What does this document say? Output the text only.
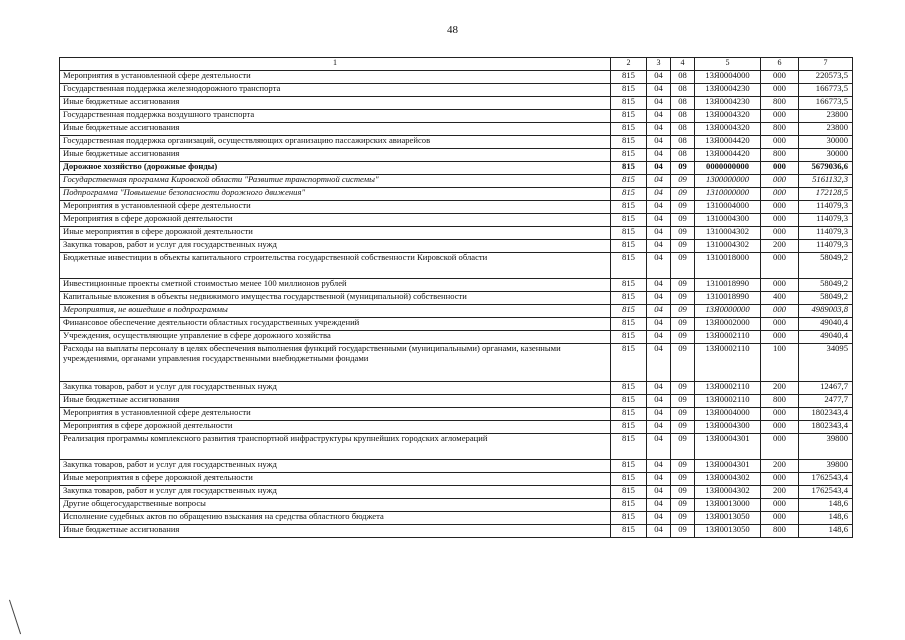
48
1	2	3	4	5	6	7
Мероприятия в установленной сфере деятельности	815	04	08	13Я0004000	000	220573,5
Государственная поддержка железнодорожного транспорта	815	04	08	13Я0004230	000	166773,5
Иные бюджетные ассигнования	815	04	08	13Я0004230	800	166773,5
Государственная поддержка воздушного транспорта	815	04	08	13Я0004320	000	23800
Иные бюджетные ассигнования	815	04	08	13Я0004320	800	23800
Государственная поддержка организаций, осуществляющих организацию пассажирских авиарейсов	815	04	08	13Я0004420	000	30000
Иные бюджетные ассигнования	815	04	08	13Я0004420	800	30000
Дорожное хозяйство (дорожные фонды)	815	04	09	0000000000	000	5679036,6
Государственная программа Кировской области "Развитие транспортной системы"	815	04	09	1300000000	000	5161132,3
Подпрограмма "Повышение безопасности дорожного движения"	815	04	09	1310000000	000	172128,5
Мероприятия в установленной сфере деятельности	815	04	09	1310004000	000	114079,3
Мероприятия в сфере дорожной деятельности	815	04	09	1310004300	000	114079,3
Иные мероприятия в сфере дорожной деятельности	815	04	09	1310004302	000	114079,3
Закупка товаров, работ и услуг для государственных нужд	815	04	09	1310004302	200	114079,3
Бюджетные инвестиции в объекты капитального строительства государственной собственности Кировской области	815	04	09	1310018000	000	58049,2
Инвестиционные проекты сметной стоимостью менее 100 миллионов рублей	815	04	09	1310018990	000	58049,2
Капитальные вложения в объекты недвижимого имущества государственной (муниципальной) собственности	815	04	09	1310018990	400	58049,2
Мероприятия, не вошедшие в подпрограммы	815	04	09	13Я0000000	000	4989003,8
Финансовое обеспечение деятельности областных государственных учреждений	815	04	09	13Я0002000	000	49040,4
Учреждения, осуществляющие управление в сфере дорожного хозяйства	815	04	09	13Я0002110	000	49040,4
Расходы на выплаты персоналу в целях обеспечения выполнения функций государственными (муниципальными) органами, казенными учреждениями, органами управления государственными внебюджетными фондами	815	04	09	13Я0002110	100	34095
Закупка товаров, работ и услуг для государственных нужд	815	04	09	13Я0002110	200	12467,7
Иные бюджетные ассигнования	815	04	09	13Я0002110	800	2477,7
Мероприятия в установленной сфере деятельности	815	04	09	13Я0004000	000	1802343,4
Мероприятия в сфере дорожной деятельности	815	04	09	13Я0004300	000	1802343,4
Реализация программы комплексного развития транспортной инфраструктуры крупнейших городских агломераций	815	04	09	13Я0004301	000	39800
Закупка товаров, работ и услуг для государственных нужд	815	04	09	13Я0004301	200	39800
Иные мероприятия в сфере дорожной деятельности	815	04	09	13Я0004302	000	1762543,4
Закупка товаров, работ и услуг для государственных нужд	815	04	09	13Я0004302	200	1762543,4
Другие общегосударственные вопросы	815	04	09	13Я0013000	000	148,6
Исполнение судебных актов по обращению взыскания на средства областного бюджета	815	04	09	13Я0013050	000	148,6
Иные бюджетные ассигнования	815	04	09	13Я0013050	800	148,6
